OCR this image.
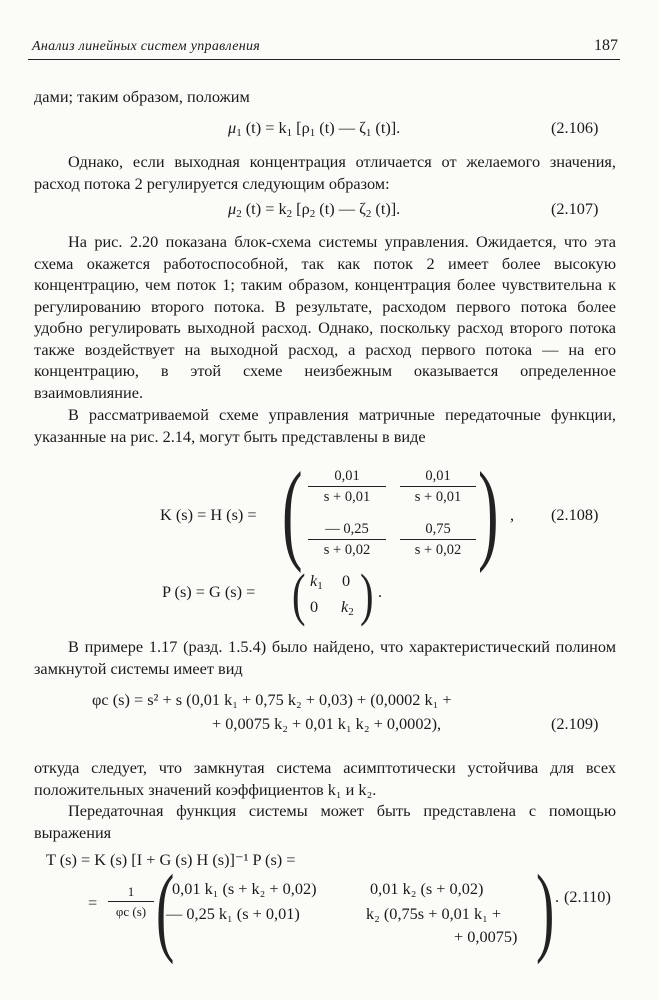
Анализ линейных систем управления	187
дами; таким образом, положим
$\mu_1$ $(t) = k_1$ [$\rho_1$ (t) — $\zeta_1$ (t)].	(2.106)
Однако, если выходная концентрация отличается от желаемого значения, расход потока 2 регулируется следующим образом:
$\mu_2$ $(t) = k_2$ [$\rho_2$ (t) — $\zeta_2$ (t)].	(2.107)
На рис. 2.20 показана блок-схема системы управления. Ожидается, что эта схема окажется работоспособной, так как поток 2 имеет более высокую концентрацию, чем поток 1; таким образом, концентрация более чувствительна к регулированию второго потока. В результате, расходом первого потока более удобно регулировать выходной расход. Однако, поскольку расход второго потока также воздействует на выходной расход, а расход первого потока — на его концентрацию, в этой схеме неизбежным оказывается определенное взаимовлияние.
В рассматриваемой схеме управления матричные передаточные функции, указанные на рис. 2.14, могут быть представлены в виде
K (s) = H (s) = ( $\frac{0,01}{s + 0,01} \frac{0,01}{s + 0,01}$
$\frac{— 0,25}{s + 0,02} \frac{0,75}{s + 0,02}$ ) , (2.108)
P (s) = G (s) = ( $k_1$ 0
0 $k_2$ ) .
В примере 1.17 (разд. 1.5.4) было найдено, что характеристический полином замкнутой системы имеет вид
φc (s) = s² + s (0,01 k₁ + 0,75 k₂ + 0,03) + (0,0002 k₁ +
+ 0,0075 k₂ + 0,01 k₁ k₂ + 0,0002),	(2.109)
откуда следует, что замкнутая система асимптотически устойчива для всех положительных значений коэффициентов k₁ и k₂.
Передаточная функция системы может быть представлена с помощью выражения
T (s) = K (s) [I + G (s) H (s)]⁻¹ P (s) =
= $\frac{1}{\varphi c (s)}$ (
0,01 k₁ (s + k₂ + 0,02)	0,01 k₂ (s + 0,02)
— 0,25 k₁ (s + 0,01)	k₂ (0,75s + 0,01 k₁ +
+ 0,0075) ) . (2.110)
